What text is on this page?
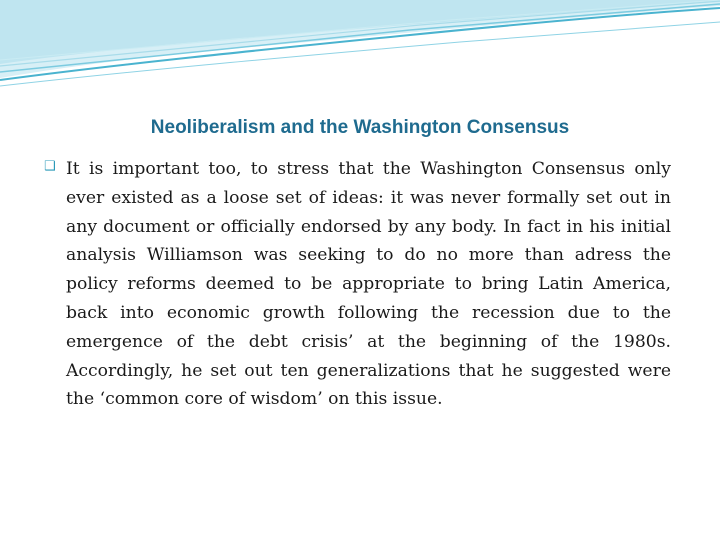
Neoliberalism and the Washington Consensus
❑ It is important too, to stress that the Washington Consensus only ever existed as a loose set of ideas: it was never formally set out in any document or officially endorsed by any body. In fact in his initial analysis Williamson was seeking to do no more than adress the policy reforms deemed to be appropriate to bring Latin America, back into economic growth following the recession due to the emergence of the debt crisis’ at the beginning of the 1980s. Accordingly, he set out ten generalizations that he suggested were the ‘common core of wisdom’ on this issue.
